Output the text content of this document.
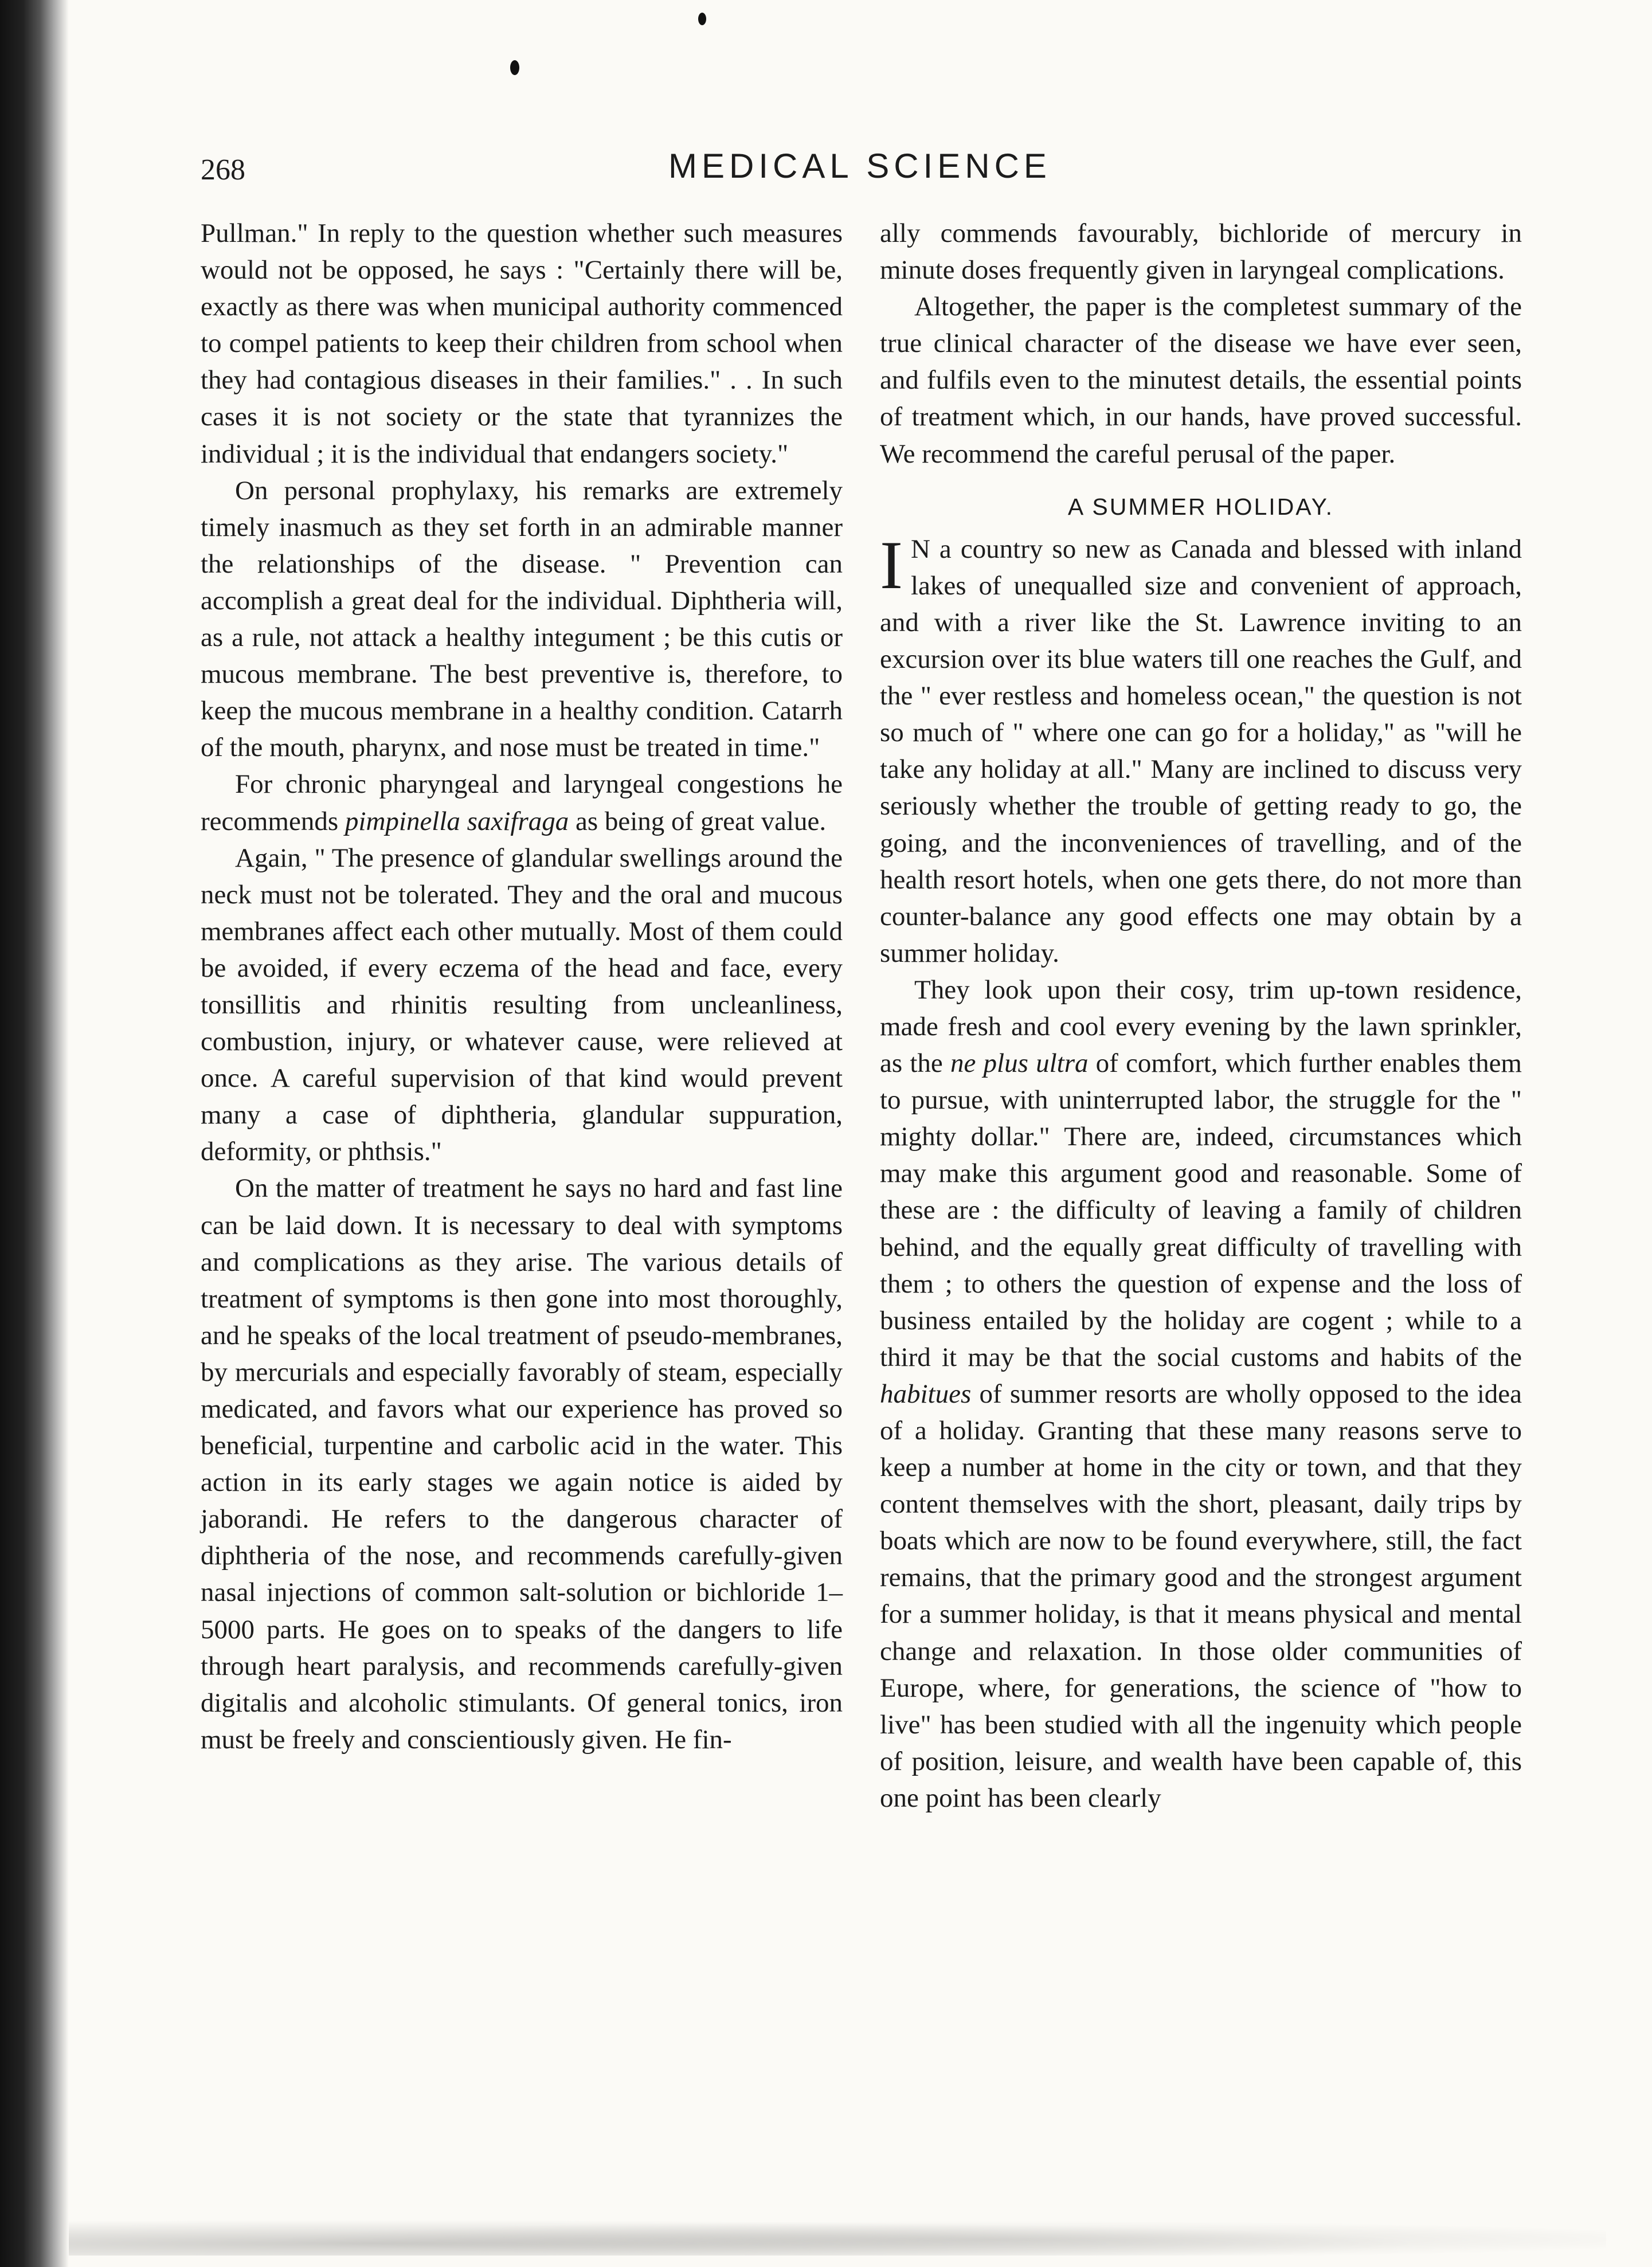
268	MEDICAL SCIENCE

Pullman." In reply to the question whether such measures would not be opposed, he says : "Certainly there will be, exactly as there was when municipal authority commenced to compel patients to keep their children from school when they had contagious diseases in their families." . . In such cases it is not society or the state that tyrannizes the individual ; it is the individual that endangers society."

On personal prophylaxy, his remarks are extremely timely inasmuch as they set forth in an admirable manner the relationships of the disease. " Prevention can accomplish a great deal for the individual. Diphtheria will, as a rule, not attack a healthy integument ; be this cutis or mucous membrane. The best preventive is, therefore, to keep the mucous membrane in a healthy condition. Catarrh of the mouth, pharynx, and nose must be treated in time."

For chronic pharyngeal and laryngeal congestions he recommends pimpinella saxifraga as being of great value.

Again, " The presence of glandular swellings around the neck must not be tolerated. They and the oral and mucous membranes affect each other mutually. Most of them could be avoided, if every eczema of the head and face, every tonsillitis and rhinitis resulting from uncleanliness, combustion, injury, or whatever cause, were relieved at once. A careful supervision of that kind would prevent many a case of diphtheria, glandular suppuration, deformity, or phthsis."

On the matter of treatment he says no hard and fast line can be laid down. It is necessary to deal with symptoms and complications as they arise. The various details of treatment of symptoms is then gone into most thoroughly, and he speaks of the local treatment of pseudo-membranes, by mercurials and especially favorably of steam, especially medicated, and favors what our experience has proved so beneficial, turpentine and carbolic acid in the water. This action in its early stages we again notice is aided by jaborandi. He refers to the dangerous character of diphtheria of the nose, and recommends carefully-given nasal injections of common salt-solution or bichloride 1–5000 parts. He goes on to speaks of the dangers to life through heart paralysis, and recommends carefully-given digitalis and alcoholic stimulants. Of general tonics, iron must be freely and conscientiously given. He fin-

ally commends favourably, bichloride of mercury in minute doses frequently given in laryngeal complications.

Altogether, the paper is the completest summary of the true clinical character of the disease we have ever seen, and fulfils even to the minutest details, the essential points of treatment which, in our hands, have proved successful. We recommend the careful perusal of the paper.

A SUMMER HOLIDAY.

I N a country so new as Canada and blessed with inland lakes of unequalled size and convenient of approach, and with a river like the St. Lawrence inviting to an excursion over its blue waters till one reaches the Gulf, and the " ever restless and homeless ocean," the question is not so much of " where one can go for a holiday," as "will he take any holiday at all." Many are inclined to discuss very seriously whether the trouble of getting ready to go, the going, and the inconveniences of travelling, and of the health resort hotels, when one gets there, do not more than counter-balance any good effects one may obtain by a summer holiday.

They look upon their cosy, trim up-town residence, made fresh and cool every evening by the lawn sprinkler, as the ne plus ultra of comfort, which further enables them to pursue, with uninterrupted labor, the struggle for the " mighty dollar." There are, indeed, circumstances which may make this argument good and reasonable. Some of these are : the difficulty of leaving a family of children behind, and the equally great difficulty of travelling with them ; to others the question of expense and the loss of business entailed by the holiday are cogent ; while to a third it may be that the social customs and habits of the habitues of summer resorts are wholly opposed to the idea of a holiday. Granting that these many reasons serve to keep a number at home in the city or town, and that they content themselves with the short, pleasant, daily trips by boats which are now to be found everywhere, still, the fact remains, that the primary good and the strongest argument for a summer holiday, is that it means physical and mental change and relaxation. In those older communities of Europe, where, for generations, the science of "how to live" has been studied with all the ingenuity which people of position, leisure, and wealth have been capable of, this one point has been clearly
